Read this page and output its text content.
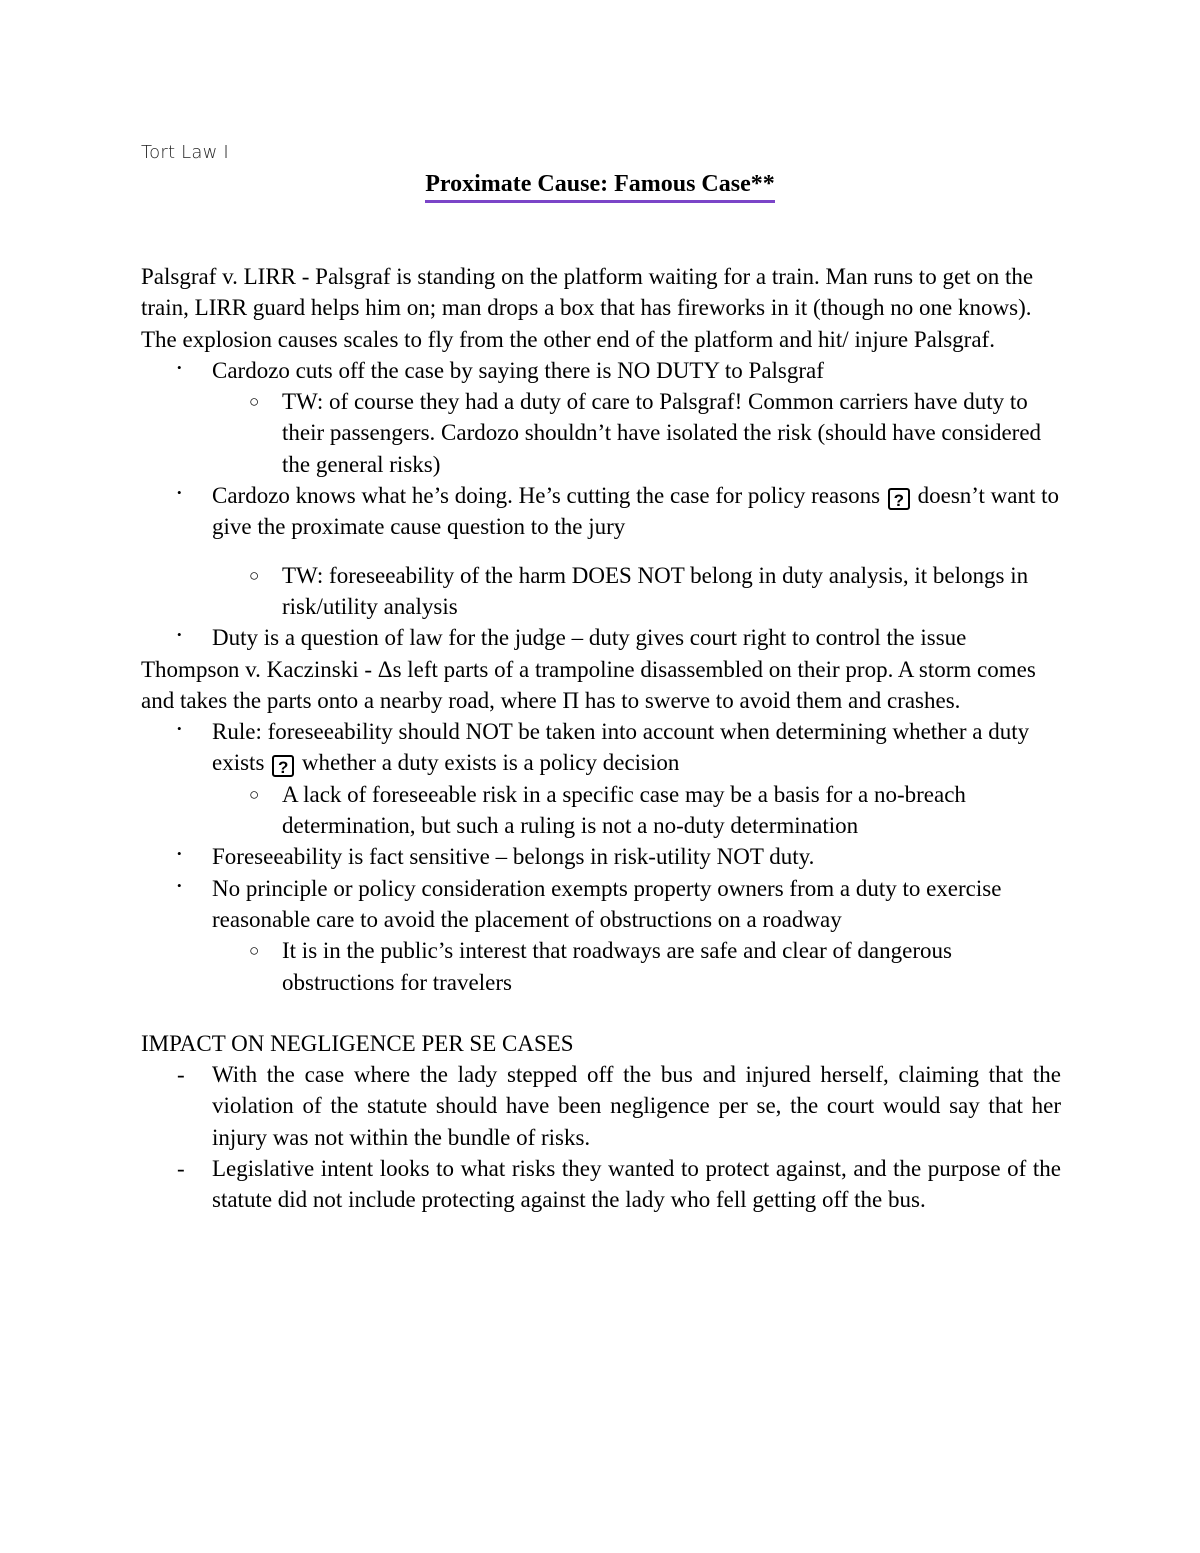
Tort Law I
Proximate Cause: Famous Case**

Palsgraf v. LIRR - Palsgraf is standing on the platform waiting for a train. Man runs to get on the train, LIRR guard helps him on; man drops a box that has fireworks in it (though no one knows). The explosion causes scales to fly from the other end of the platform and hit/ injure Palsgraf.

• Cardozo cuts off the case by saying there is NO DUTY to Palsgraf
○ TW: of course they had a duty of care to Palsgraf! Common carriers have duty to their passengers. Cardozo shouldn’t have isolated the risk (should have considered the general risks)
• Cardozo knows what he’s doing. He’s cutting the case for policy reasons ? doesn’t want to give the proximate cause question to the jury
○ TW: foreseeability of the harm DOES NOT belong in duty analysis, it belongs in risk/utility analysis
• Duty is a question of law for the judge – duty gives court right to control the issue

Thompson v. Kaczinski - Δs left parts of a trampoline disassembled on their prop. A storm comes and takes the parts onto a nearby road, where Π has to swerve to avoid them and crashes.

• Rule: foreseeability should NOT be taken into account when determining whether a duty exists ? whether a duty exists is a policy decision
○ A lack of foreseeable risk in a specific case may be a basis for a no-breach determination, but such a ruling is not a no-duty determination
• Foreseeability is fact sensitive – belongs in risk-utility NOT duty.
• No principle or policy consideration exempts property owners from a duty to exercise reasonable care to avoid the placement of obstructions on a roadway
○ It is in the public’s interest that roadways are safe and clear of dangerous obstructions for travelers

IMPACT ON NEGLIGENCE PER SE CASES

- With the case where the lady stepped off the bus and injured herself, claiming that the violation of the statute should have been negligence per se, the court would say that her injury was not within the bundle of risks.
- Legislative intent looks to what risks they wanted to protect against, and the purpose of the statute did not include protecting against the lady who fell getting off the bus.
